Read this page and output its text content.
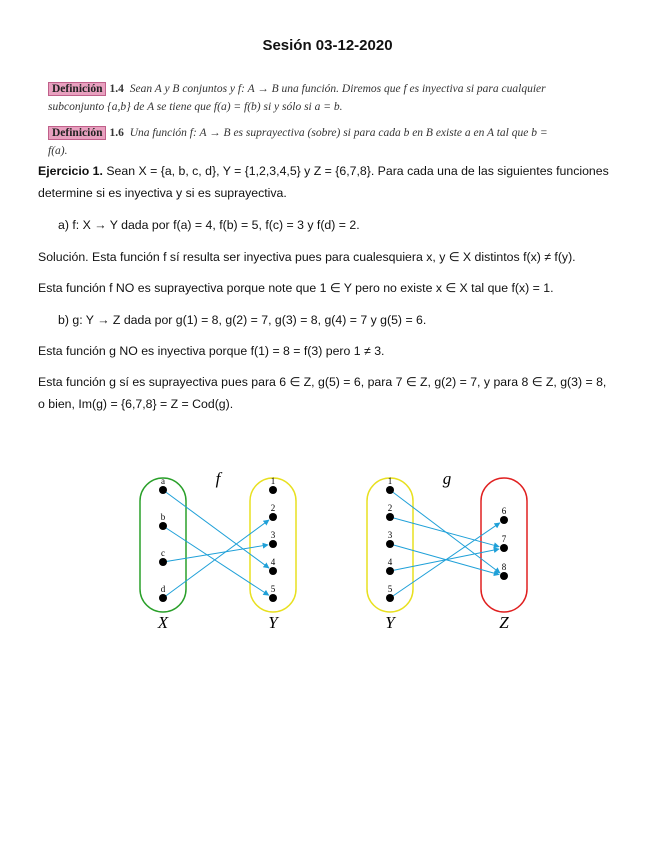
Sesión 03-12-2020
Definición 1.4 Sean A y B conjuntos y f: A → B una función. Diremos que f es inyectiva si para cualquier
subconjunto {a,b} de A se tiene que f(a) = f(b) si y sólo si a = b.
Definición 1.6 Una función f: A → B es suprayectiva (sobre) si para cada b en B existe a en A tal que b =
f(a).
Ejercicio 1. Sean X = {a, b, c, d}, Y = {1,2,3,4,5} y Z = {6,7,8}. Para cada una de las siguientes funciones
determine si es inyectiva y si es suprayectiva.
a) f: X → Y dada por f(a) = 4, f(b) = 5, f(c) = 3 y f(d) = 2.
Solución. Esta función f sí resulta ser inyectiva pues para cualesquiera x, y ∈ X distintos f(x) ≠ f(y).
Esta función f NO es suprayectiva porque note que 1 ∈ Y pero no existe x ∈ X tal que f(x) = 1.
b) g: Y → Z dada por g(1) = 8, g(2) = 7, g(3) = 8, g(4) = 7 y g(5) = 6.
Esta función g NO es inyectiva porque f(1) = 8 = f(3) pero 1 ≠ 3.
Esta función g sí es suprayectiva pues para 6 ∈ Z, g(5) = 6, para 7 ∈ Z, g(2) = 7, y para 8 ∈ Z, g(3) = 8,
o bien, Im(g) = {6,7,8} = Z = Cod(g).
a
b
c
d
1
2
3
4
5
X	Y
f	1
2
3
4
5
6
7
8
Y	Z
g
